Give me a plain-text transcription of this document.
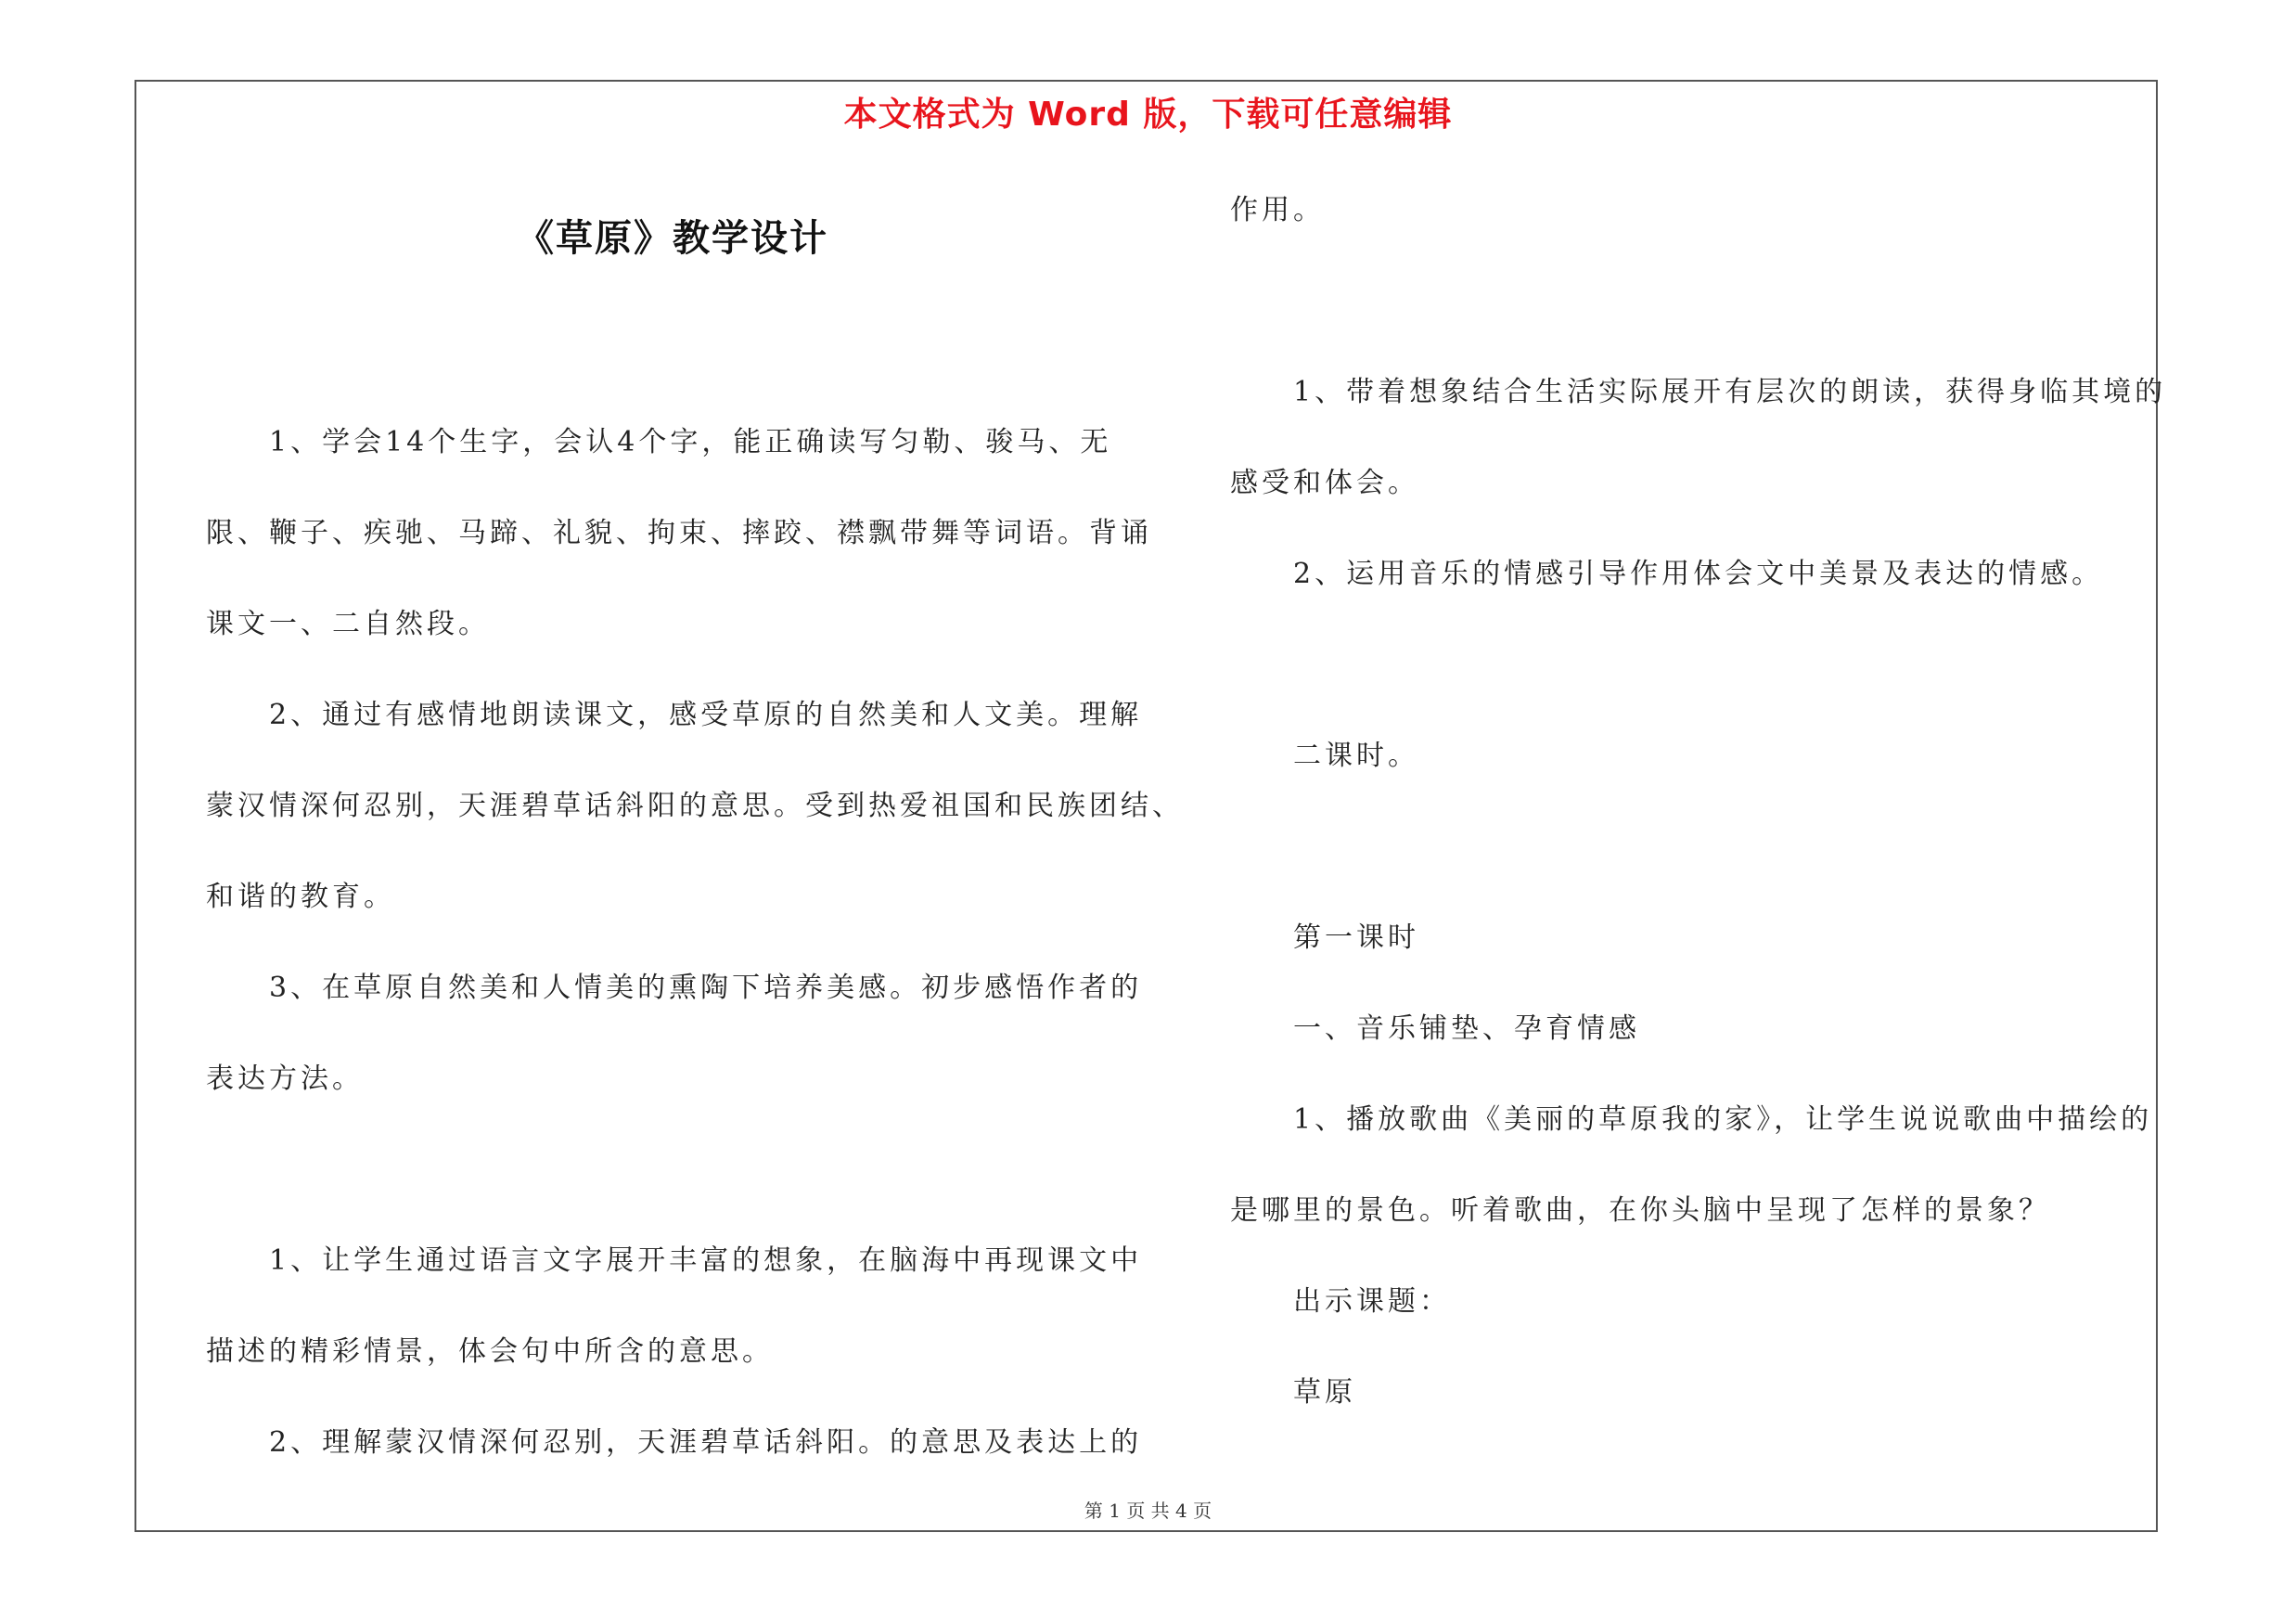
本文格式为 Word 版，下载可任意编辑

《草原》教学设计

1、学会14个生字，会认4个字，能正确读写匀勒、骏马、无

限、鞭子、疾驰、马蹄、礼貌、拘束、摔跤、襟飘带舞等词语。背诵

课文一、二自然段。

2、通过有感情地朗读课文，感受草原的自然美和人文美。理解

蒙汉情深何忍别，天涯碧草话斜阳的意思。受到热爱祖国和民族团结、

和谐的教育。

3、在草原自然美和人情美的熏陶下培养美感。初步感悟作者的

表达方法。

1、让学生通过语言文字展开丰富的想象，在脑海中再现课文中

描述的精彩情景，体会句中所含的意思。

2、理解蒙汉情深何忍别，天涯碧草话斜阳。的意思及表达上的

作用。

1、带着想象结合生活实际展开有层次的朗读，获得身临其境的

感受和体会。

2、运用音乐的情感引导作用体会文中美景及表达的情感。

二课时。

第一课时

一、音乐铺垫、孕育情感

1、播放歌曲《美丽的草原我的家》，让学生说说歌曲中描绘的

是哪里的景色。听着歌曲，在你头脑中呈现了怎样的景象？

出示课题：

草原

第 1 页 共 4 页
